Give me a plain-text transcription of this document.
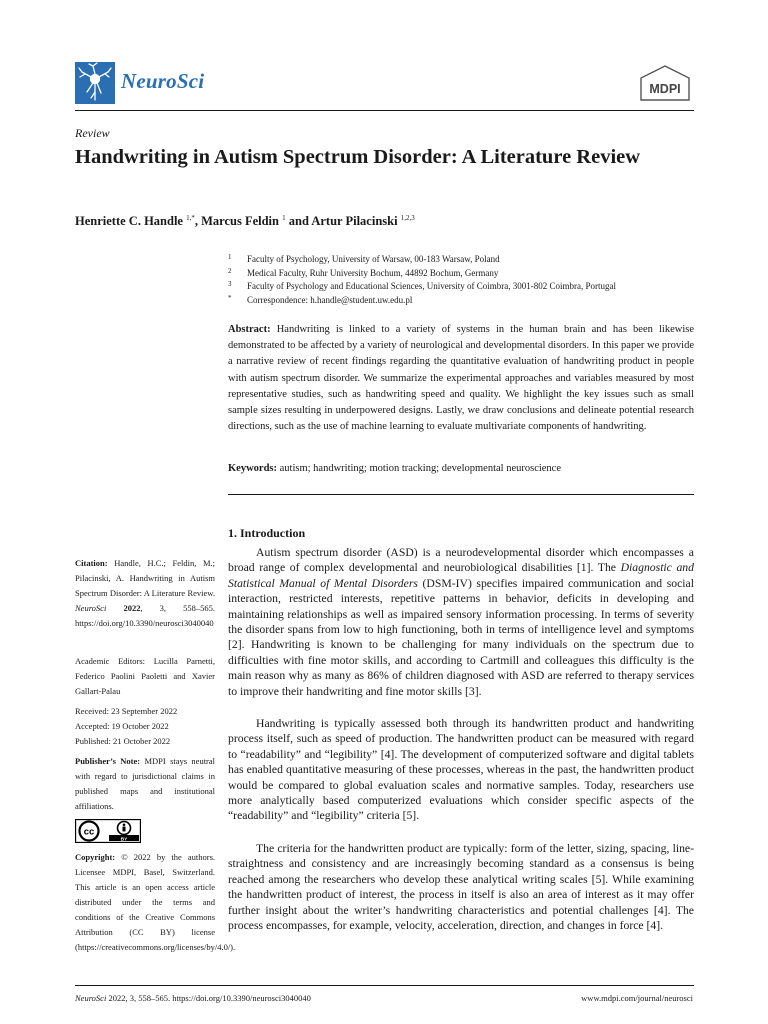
NeuroSci	MDPI
Review
Handwriting in Autism Spectrum Disorder: A Literature Review
Henriette C. Handle $^{1,*}$, Marcus Feldin $^1$ and Artur Pilacinski $^{1,2,3}$
1 Faculty of Psychology, University of Warsaw, 00-183 Warsaw, Poland
2 Medical Faculty, Ruhr University Bochum, 44892 Bochum, Germany
3 Faculty of Psychology and Educational Sciences, University of Coimbra, 3001-802 Coimbra, Portugal
* Correspondence: h.handle@student.uw.edu.pl
Abstract: Handwriting is linked to a variety of systems in the human brain and has been likewise demonstrated to be affected by a variety of neurological and developmental disorders. In this paper we provide a narrative review of recent findings regarding the quantitative evaluation of handwriting product in people with autism spectrum disorder. We summarize the experimental approaches and variables measured by most representative studies, such as handwriting speed and quality. We highlight the key issues such as small sample sizes resulting in underpowered designs. Lastly, we draw conclusions and delineate potential research directions, such as the use of machine learning to evaluate multivariate components of handwriting.
Keywords: autism; handwriting; motion tracking; developmental neuroscience
Citation: Handle, H.C.; Feldin, M.; Pilacinski, A. Handwriting in Autism Spectrum Disorder: A Literature Review. NeuroSci 2022, 3, 558–565. https://doi.org/10.3390/neurosci3040040
Academic Editors: Lucilla Parnetti, Federico Paolini Paoletti and Xavier Gallart-Palau
Received: 23 September 2022
Accepted: 19 October 2022
Published: 21 October 2022
Publisher’s Note: MDPI stays neutral with regard to jurisdictional claims in published maps and institutional affiliations.
cc
BY
Copyright: © 2022 by the authors. Licensee MDPI, Basel, Switzerland. This article is an open access article distributed under the terms and conditions of the Creative Commons Attribution (CC BY) license (https://creativecommons.org/licenses/by/4.0/).
1. Introduction

Autism spectrum disorder (ASD) is a neurodevelopmental disorder which encompasses a broad range of complex developmental and neurobiological disabilities [1]. The Diagnostic and Statistical Manual of Mental Disorders (DSM-IV) specifies impaired communication and social interaction, restricted interests, repetitive patterns in behavior, deficits in developing and maintaining relationships as well as impaired sensory information processing. In terms of severity the disorder spans from low to high functioning, both in terms of intelligence level and symptoms [2]. Handwriting is known to be challenging for many individuals on the spectrum due to difficulties with fine motor skills, and according to Cartmill and colleagues this difficulty is the main reason why as many as 86% of children diagnosed with ASD are referred to therapy services to improve their handwriting and fine motor skills [3].

Handwriting is typically assessed both through its handwritten product and handwriting process itself, such as speed of production. The handwritten product can be measured with regard to “readability” and “legibility” [4]. The development of computerized software and digital tablets has enabled quantitative measuring of these processes, whereas in the past, the handwritten product would be compared to global evaluation scales and normative samples. Today, researchers use more analytically based computerized evaluations which consider specific aspects of the “readability” and “legibility” criteria [5].

The criteria for the handwritten product are typically: form of the letter, sizing, spacing, line-straightness and consistency and are increasingly becoming standard as a consensus is being reached among the researchers who develop these analytical writing scales [5]. While examining the handwritten product of interest, the process in itself is also an area of interest as it may offer further insight about the writer’s handwriting characteristics and potential challenges [4]. The process encompasses, for example, velocity, acceleration, direction, and changes in force [4].

NeuroSci 2022, 3, 558–565. https://doi.org/10.3390/neurosci3040040	www.mdpi.com/journal/neurosci
